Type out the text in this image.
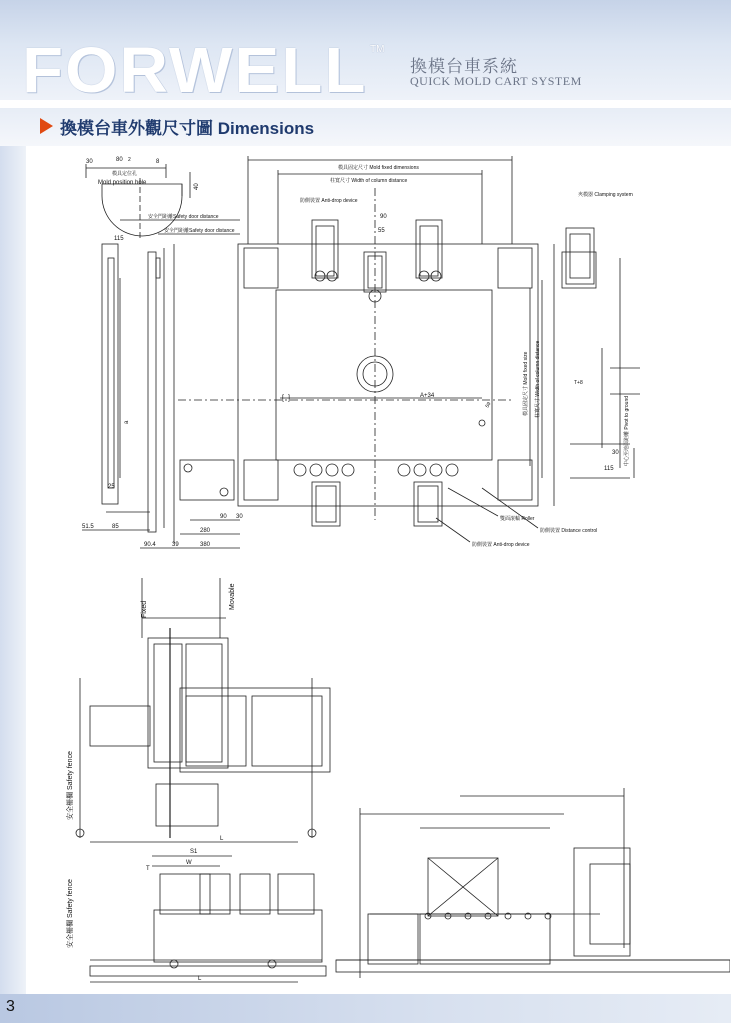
FORWELL TM
換模台車系統
QUICK MOLD CART SYSTEM
換模台車外觀尺寸圖 Dimensions
30	80 2	8
模具定位孔
Mold position hole
40
安全門距離Safety door distance
安全門距離Safety door distance
115
25
51.5	85
90.4	39
280
380
90 30
a
模具固定尺寸 Mold fixed dimensions
柱寬尺寸 Width of column distance
防側裝置 Anti-drop device
90
55
[ ]	A+34
59	模具固定尺寸 Mold fixed size 柱寬尺寸 Width of column distance
雙面滾輪 Roller
防側裝置 Distance control
防側裝置 Anti-drop device
夾模器 Clamping system
T+8
中心至地面距離 Pivot to ground
115
30
Fixed	Movable
安全柵欄 Safety fence
L
S1
W
T
安全柵欄 Safety fence
L
3
